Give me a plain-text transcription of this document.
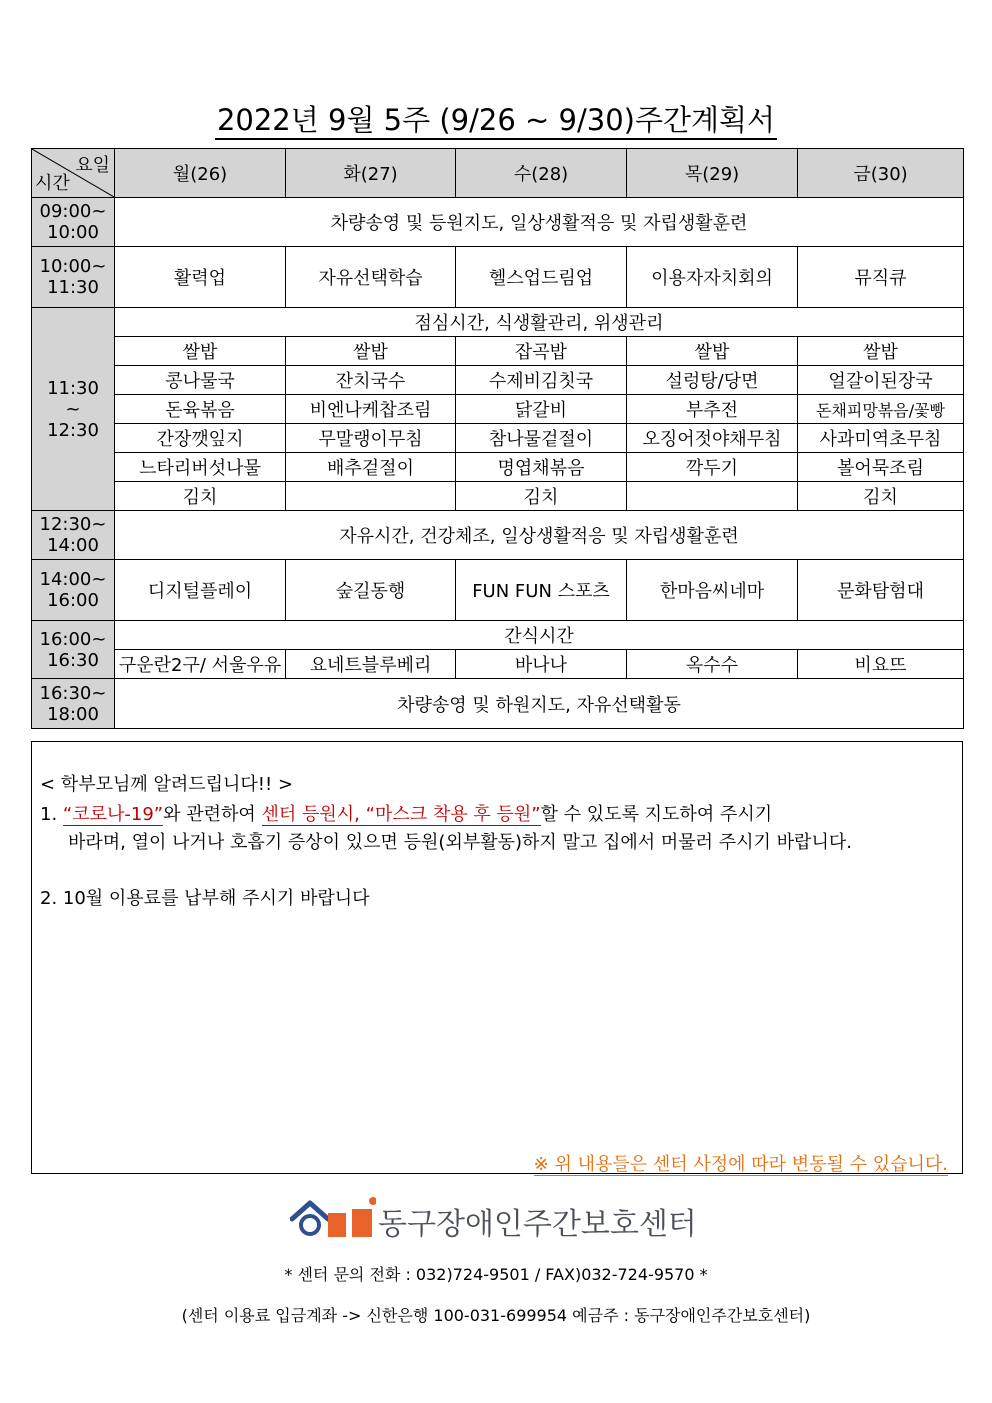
2022년 9월 5주 (9/26 ~ 9/30)주간계획서
요일
시간	월(26)	화(27)	수(28)	목(29)	금(30)
09:00~
10:00	차량송영 및 등원지도, 일상생활적응 및 자립생활훈련				
10:00~
11:30	활력업	자유선택학습	헬스업드림업	이용자자치회의	뮤직큐
11:30
~
12:30	점심시간, 식생활관리, 위생관리				
	쌀밥	쌀밥	잡곡밥	쌀밥	쌀밥
	콩나물국	잔치국수	수제비김칫국	설렁탕/당면	얼갈이된장국
	돈육볶음	비엔나케찹조림	닭갈비	부추전	돈채피망볶음/꽃빵
	간장깻잎지	무말랭이무침	참나물겉절이	오징어젓야채무침	사과미역초무침
	느타리버섯나물	배추겉절이	명엽채볶음	깍두기	볼어묵조림
	김치		김치		김치
12:30~
14:00	자유시간, 건강체조, 일상생활적응 및 자립생활훈련				
14:00~
16:00	디지털플레이	숲길동행	FUN FUN 스포츠	한마음씨네마	문화탐험대
16:00~
16:30	간식시간				
	구운란2구/ 서울우유	요네트블루베리	바나나	옥수수	비요뜨
16:30~
18:00	차량송영 및 하원지도, 자유선택활동				
< 학부모님께 알려드립니다!! >
1. “코로나-19”와 관련하여 센터 등원시, “마스크 착용 후 등원”할 수 있도록 지도하여 주시기
바라며, 열이 나거나 호흡기 증상이 있으면 등원(외부활동)하지 말고 집에서 머물러 주시기 바랍니다.
2. 10월 이용료를 납부해 주시기 바랍니다
※ 위 내용들은 센터 사정에 따라 변동될 수 있습니다.
동구장애인주간보호센터
* 센터 문의 전화 : 032)724-9501 / FAX)032-724-9570 *
(센터 이용료 입금계좌 -> 신한은행 100-031-699954 예금주 : 동구장애인주간보호센터)
